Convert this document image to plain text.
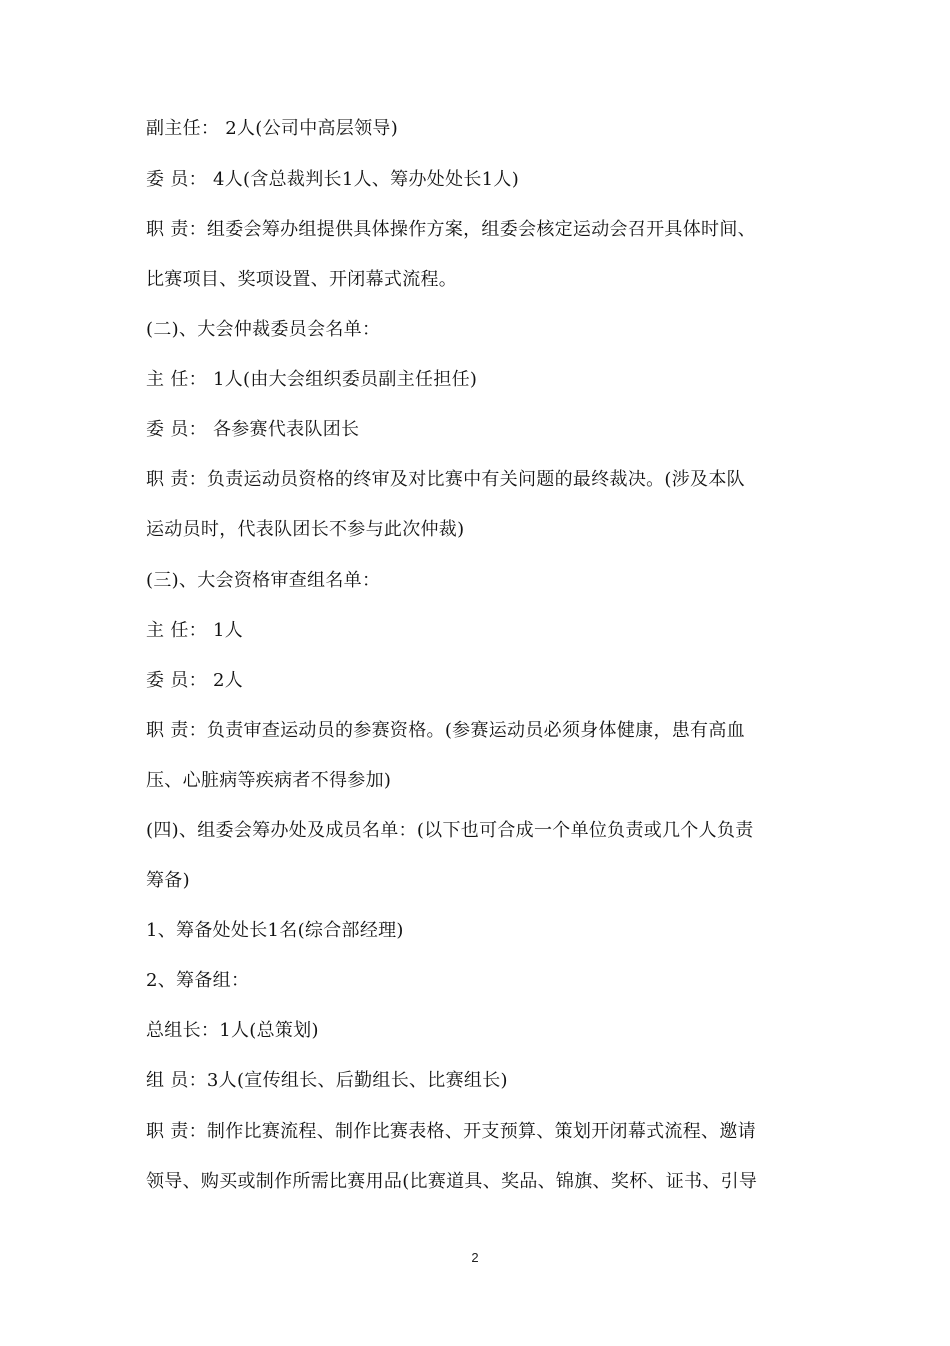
副主任： 2人(公司中高层领导)
委 员： 4人(含总裁判长1人、筹办处处长1人)
职 责：组委会筹办组提供具体操作方案，组委会核定运动会召开具体时间、
比赛项目、奖项设置、开闭幕式流程。
(二)、大会仲裁委员会名单：
主 任： 1人(由大会组织委员副主任担任)
委 员： 各参赛代表队团长
职 责：负责运动员资格的终审及对比赛中有关问题的最终裁决。(涉及本队
运动员时，代表队团长不参与此次仲裁)
(三)、大会资格审查组名单：
主 任： 1人
委 员： 2人
职 责：负责审查运动员的参赛资格。(参赛运动员必须身体健康，患有高血
压、心脏病等疾病者不得参加)
(四)、组委会筹办处及成员名单：(以下也可合成一个单位负责或几个人负责
筹备)
1、筹备处处长1名(综合部经理)
2、筹备组：
总组长：1人(总策划)
组 员：3人(宣传组长、后勤组长、比赛组长)
职 责：制作比赛流程、制作比赛表格、开支预算、策划开闭幕式流程、邀请
领导、购买或制作所需比赛用品(比赛道具、奖品、锦旗、奖杯、证书、引导
2
